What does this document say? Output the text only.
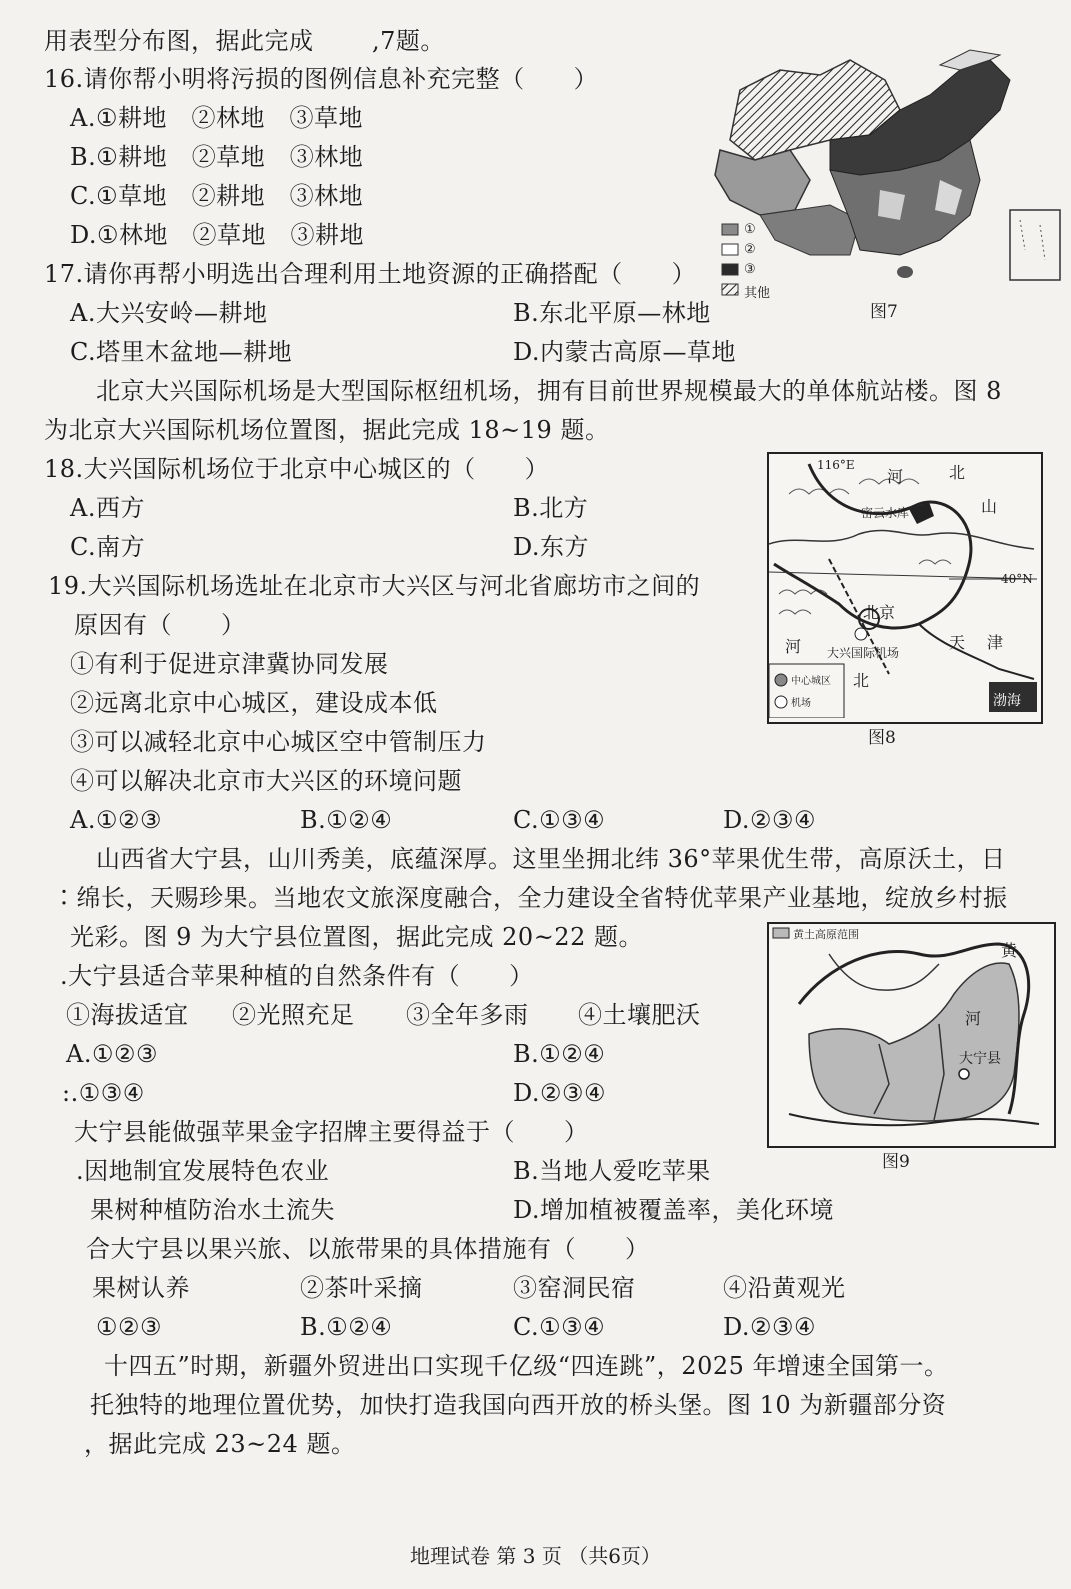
用表型分布图，据此完成 ,7题。
16.请你帮小明将污损的图例信息补充完整（　　）
A.①耕地　②林地　③草地
B.①耕地　②草地　③林地
C.①草地　②耕地　③林地
D.①林地　②草地　③耕地
17.请你再帮小明选出合理利用土地资源的正确搭配（　　）
A.大兴安岭—耕地	B.东北平原—林地
C.塔里木盆地—耕地	D.内蒙古高原—草地
北京大兴国际机场是大型国际枢纽机场，拥有目前世界规模最大的单体航站楼。图 8
为北京大兴国际机场位置图，据此完成 18~19 题。
18.大兴国际机场位于北京中心城区的（　　）
A.西方	B.北方
C.南方	D.东方
19.大兴国际机场选址在北京市大兴区与河北省廊坊市之间的
原因有（　　）
①有利于促进京津冀协同发展
②远离北京中心城区，建设成本低
③可以减轻北京中心城区空中管制压力
④可以解决北京市大兴区的环境问题
A.①②③	B.①②④	C.①③④	D.②③④
山西省大宁县，山川秀美，底蕴深厚。这里坐拥北纬 36°苹果优生带，高原沃土，日
∶绵长，天赐珍果。当地农文旅深度融合，全力建设全省特优苹果产业基地，绽放乡村振
光彩。图 9 为大宁县位置图，据此完成 20~22 题。
.大宁县适合苹果种植的自然条件有（　　）
①海拔适宜 ②光照充足 ③全年多雨 ④土壤肥沃
A.①②③	B.①②④
:.①③④	D.②③④
大宁县能做强苹果金字招牌主要得益于（　　）
.因地制宜发展特色农业	B.当地人爱吃苹果
果树种植防治水土流失	D.增加植被覆盖率，美化环境
合大宁县以果兴旅、以旅带果的具体措施有（　　）
果树认养	②茶叶采摘	③窑洞民宿	④沿黄观光
①②③	B.①②④	C.①③④	D.②③④
十四五”时期，新疆外贸进出口实现千亿级“四连跳”，2025 年增速全国第一。
托独特的地理位置优势，加快打造我国向西开放的桥头堡。图 10 为新疆部分资
，据此完成 23~24 题。
①
②
③
其他
图7
116°E
河	北
山
密云水库
40°N
北京
天 津
大兴国际机场
河
北
渤海
中心城区
机场
图8
黄土高原范围
黄
河
大宁县
图9
地理试卷 第 3 页 （共6页）
